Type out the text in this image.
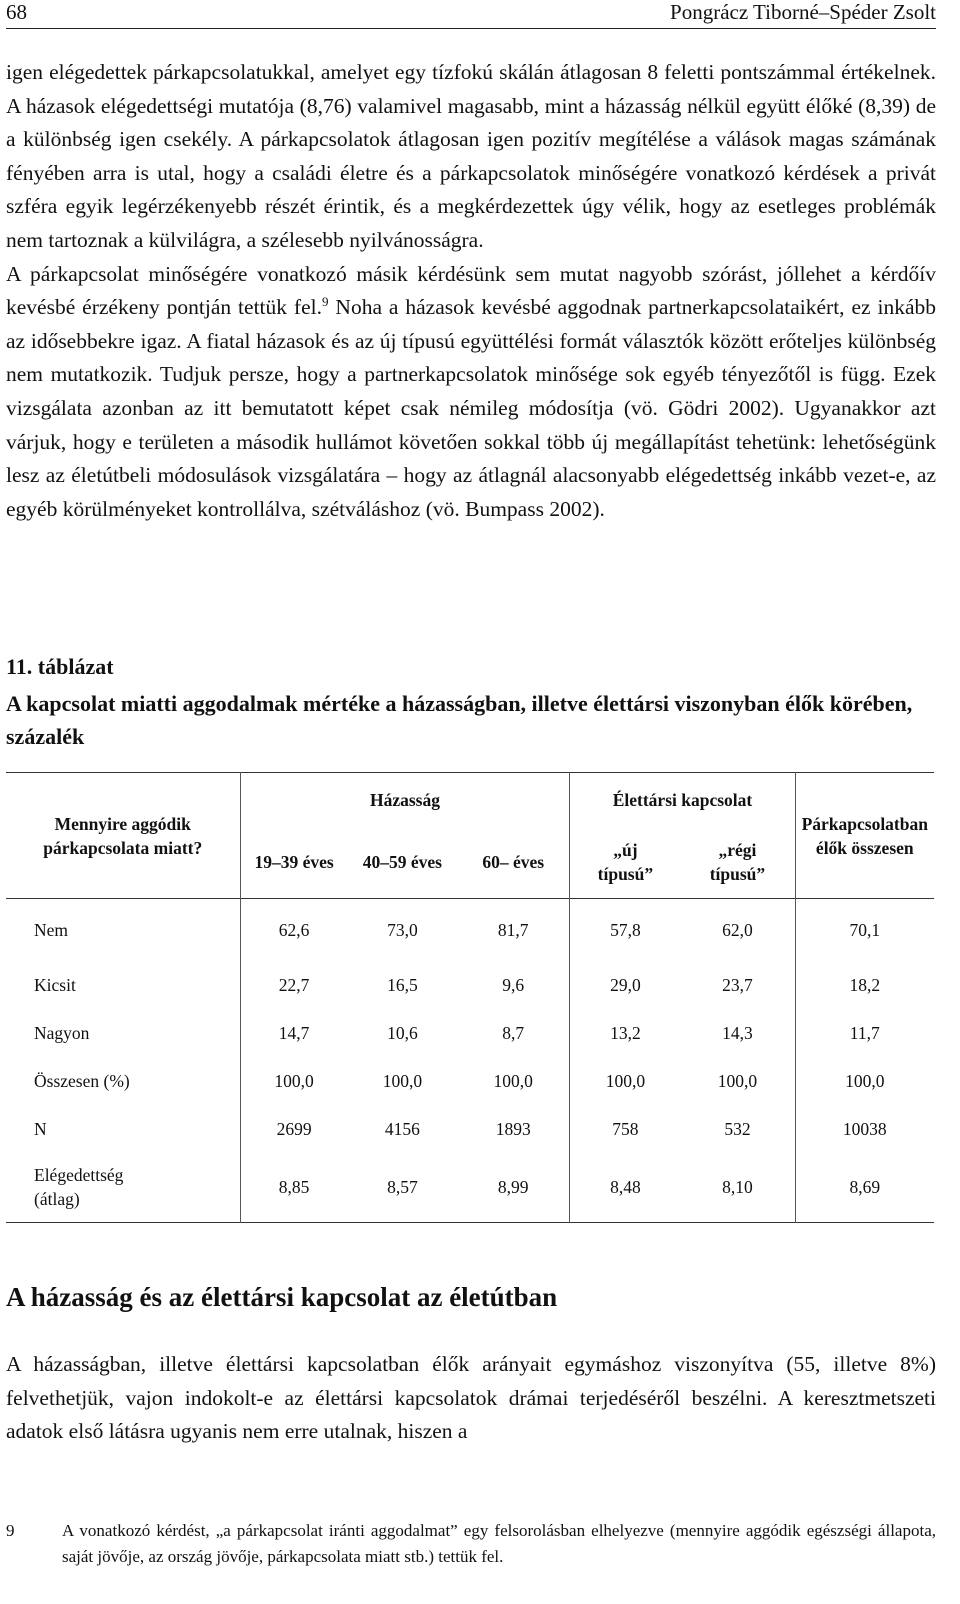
68	Pongrácz Tiborné–Spéder Zsolt

igen elégedettek párkapcsolatukkal, amelyet egy tízfokú skálán átlagosan 8 feletti pontszámmal értékelnek. A házasok elégedettségi mutatója (8,76) valamivel magasabb, mint a házasság nélkül együtt élőké (8,39) de a különbség igen csekély. A párkapcsolatok átlagosan igen pozitív megítélése a válások magas számának fényében arra is utal, hogy a családi életre és a párkapcsolatok minőségére vonatkozó kérdések a privát szféra egyik legérzékenyebb részét érintik, és a megkérdezettek úgy vélik, hogy az esetleges problémák nem tartoznak a külvilágra, a szélesebb nyilvánosságra.

A párkapcsolat minőségére vonatkozó másik kérdésünk sem mutat nagyobb szórást, jóllehet a kérdőív kevésbé érzékeny pontján tettük fel.$^9$ Noha a házasok kevésbé aggodnak partnerkapcsolataikért, ez inkább az idősebbekre igaz. A fiatal házasok és az új típusú együttélési formát választók között erőteljes különbség nem mutatkozik. Tudjuk persze, hogy a partnerkapcsolatok minősége sok egyéb tényezőtől is függ. Ezek vizsgálata azonban az itt bemutatott képet csak némileg módosítja (vö. Gödri 2002). Ugyanakkor azt várjuk, hogy e területen a második hullámot követően sokkal több új megállapítást tehetünk: lehetőségünk lesz az életútbeli módosulások vizsgálatára – hogy az átlagnál alacsonyabb elégedettség inkább vezet-e, az egyéb körülményeket kontrollálva, szétváláshoz (vö. Bumpass 2002).

11. táblázat
A kapcsolat miatti aggodalmak mértéke a házasságban, illetve élettársi viszonyban élők körében, százalék
Mennyire aggódik párkapcsolata miatt?	Házasság			Élettársi kapcsolat		Párkapcsolatban élők összesen
	19–39 éves	40–59 éves	60– éves	„új típusú”	„régi típusú”	
Nem	62,6	73,0	81,7	57,8	62,0	70,1
Kicsit	22,7	16,5	9,6	29,0	23,7	18,2
Nagyon	14,7	10,6	8,7	13,2	14,3	11,7
Összesen (%)	100,0	100,0	100,0	100,0	100,0	100,0
N	2699	4156	1893	758	532	10038
Elégedettség (átlag)	8,85	8,57	8,99	8,48	8,10	8,69
A házasság és az élettársi kapcsolat az életútban

A házasságban, illetve élettársi kapcsolatban élők arányait egymáshoz viszonyítva (55, illetve 8%) felvethetjük, vajon indokolt-e az élettársi kapcsolatok drámai terjedéséről beszélni. A keresztmetszeti adatok első látásra ugyanis nem erre utalnak, hiszen a

9	A vonatkozó kérdést, „a párkapcsolat iránti aggodalmat” egy felsorolásban elhelyezve (mennyire aggódik egészségi állapota, saját jövője, az ország jövője, párkapcsolata miatt stb.) tettük fel.
